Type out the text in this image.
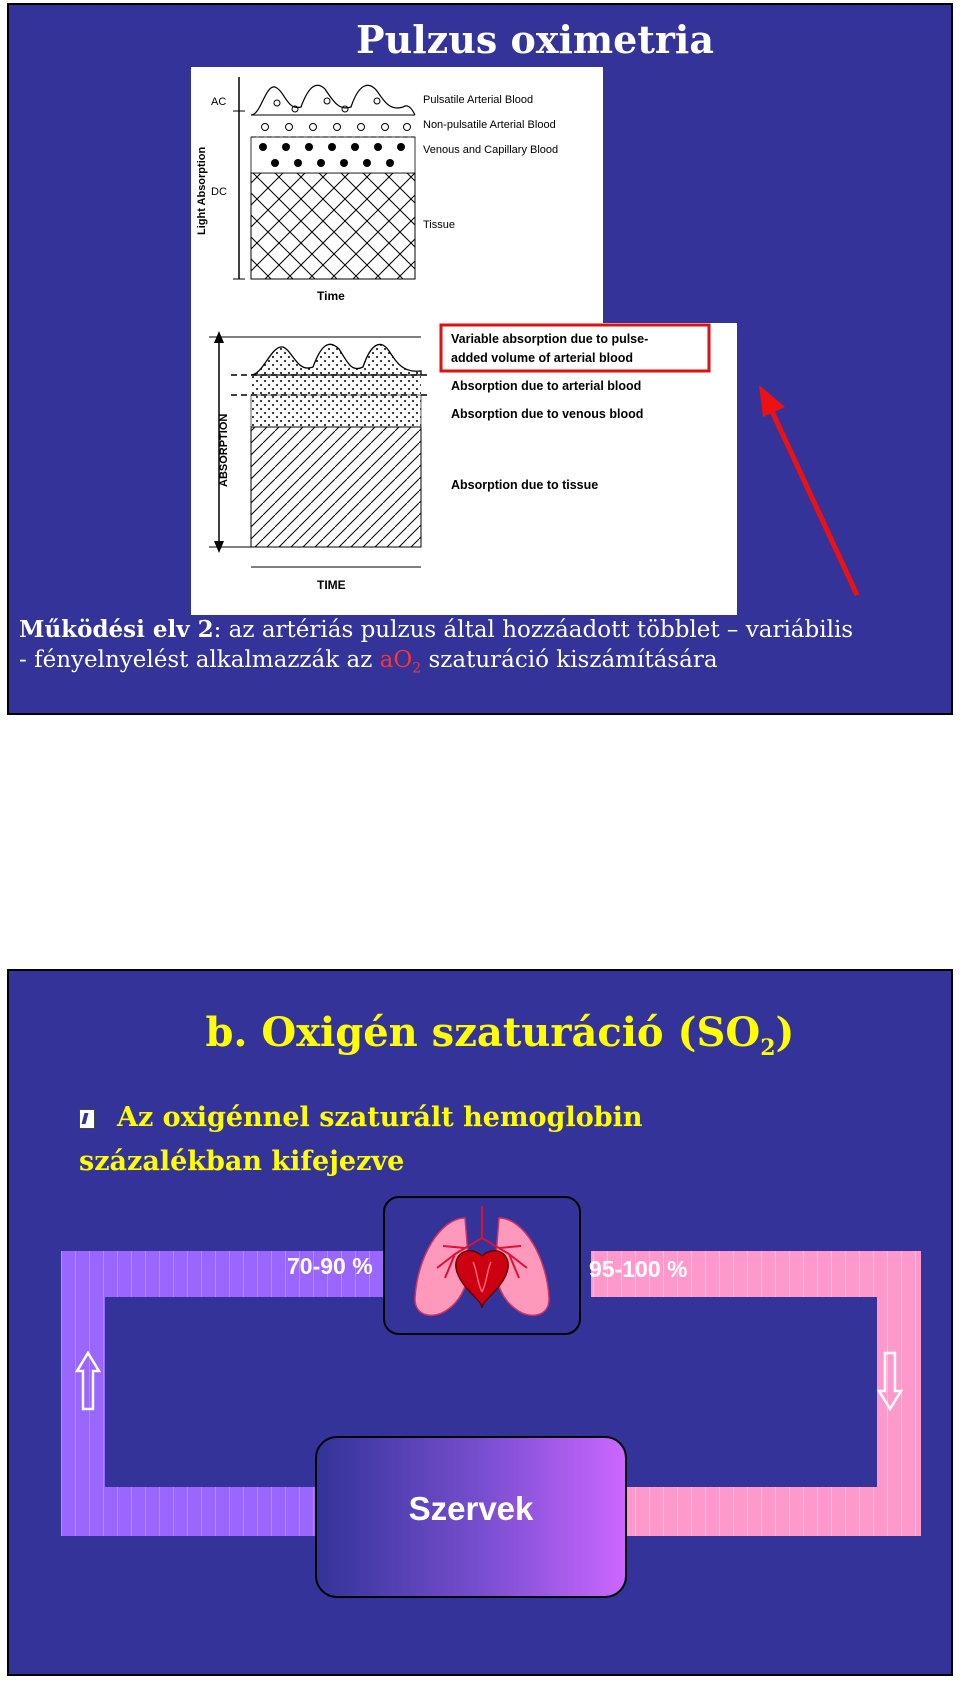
Pulzus oximetria
AC
DC
Light Absorption
Pulsatile Arterial Blood
Non-pulsatile Arterial Blood
Venous and Capillary Blood
Tissue
Time
ABSORPTION
TIME
Variable absorption due to pulse-
added volume of arterial blood
Absorption due to arterial blood
Absorption due to venous blood
Absorption due to tissue
Működési elv 2: az artériás pulzus által hozzáadott többlet – variábilis
- fényelnyelést alkalmazzák az $aO_2$ szaturáció kiszámítására
b. Oxigén szaturáció $(SO_2)$
Az oxigénnel szaturált hemoglobin
százalékban kifejezve
70-90 %	95-100 %
Szervek
